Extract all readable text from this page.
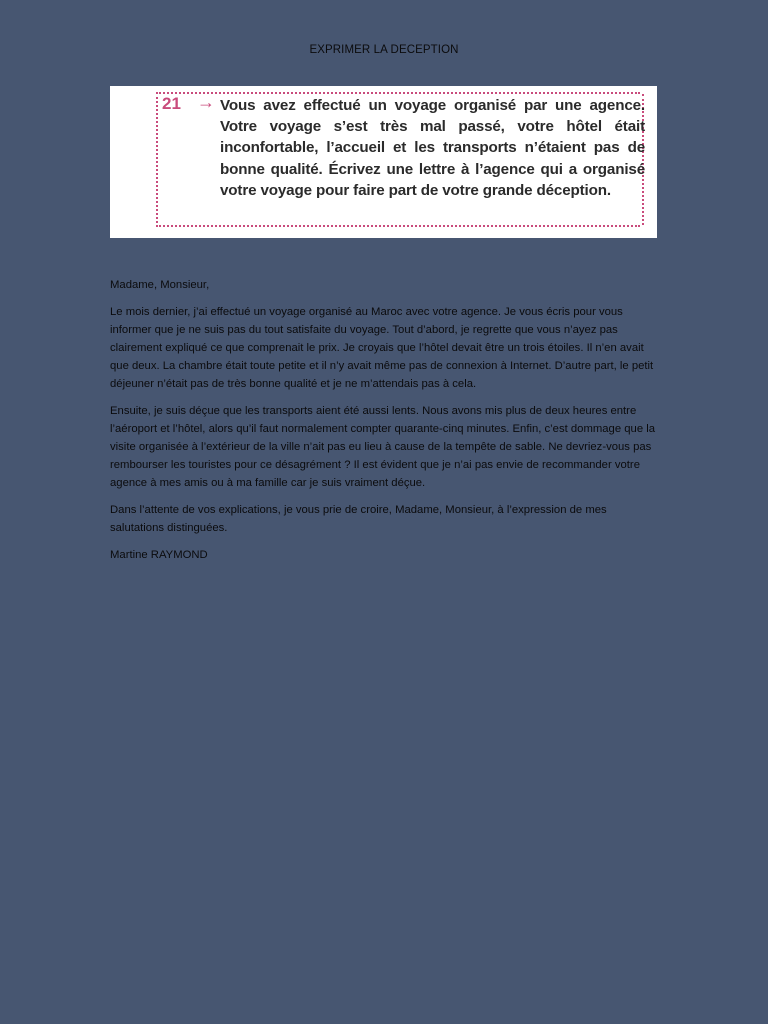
EXPRIMER LA DECEPTION
21 → Vous avez effectué un voyage organisé par une agence. Votre voyage s’est très mal passé, votre hôtel était inconfortable, l’accueil et les transports n’étaient pas de bonne qualité. Écrivez une lettre à l’agence qui a organisé votre voyage pour faire part de votre grande déception.

Madame, Monsieur,

Le mois dernier, j’ai effectué un voyage organisé au Maroc avec votre agence. Je vous écris pour vous informer que je ne suis pas du tout satisfaite du voyage. Tout d’abord, je regrette que vous n’ayez pas clairement expliqué ce que comprenait le prix. Je croyais que l’hôtel devait être un trois étoiles. Il n’en avait que deux. La chambre était toute petite et il n’y avait même pas de connexion à Internet. D’autre part, le petit déjeuner n’était pas de très bonne qualité et je ne m’attendais pas à cela.

Ensuite, je suis déçue que les transports aient été aussi lents. Nous avons mis plus de deux heures entre l’aéroport et l’hôtel, alors qu’il faut normalement compter quarante-cinq minutes. Enfin, c’est dommage que la visite organisée à l’extérieur de la ville n’ait pas eu lieu à cause de la tempête de sable. Ne devriez-vous pas rembourser les touristes pour ce désagrément ? Il est évident que je n’ai pas envie de recommander votre agence à mes amis ou à ma famille car je suis vraiment déçue.

Dans l’attente de vos explications, je vous prie de croire, Madame, Monsieur, à l’expression de mes salutations distinguées.

Martine RAYMOND
